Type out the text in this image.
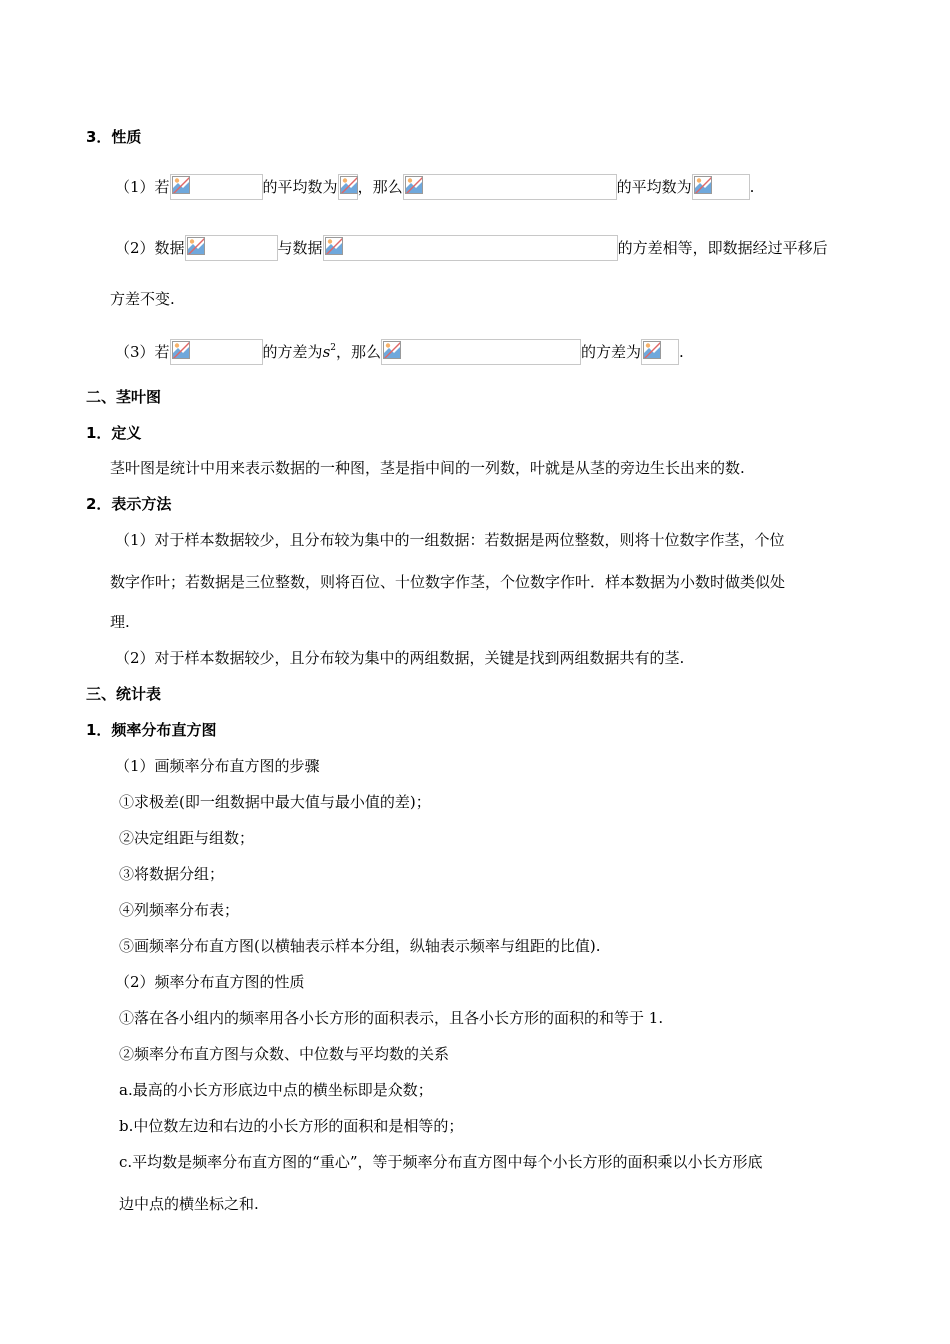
3．性质
（1）若	的平均数为 ，那么	的平均数为	.
（2）数据	与数据	的方差相等，即数据经过平移后
方差不变.
（3）若	的方差为$s^2$，那么	的方差为	.
二、茎叶图
1．定义
茎叶图是统计中用来表示数据的一种图，茎是指中间的一列数，叶就是从茎的旁边生长出来的数.
2．表示方法
（1）对于样本数据较少，且分布较为集中的一组数据：若数据是两位整数，则将十位数字作茎，个位
数字作叶；若数据是三位整数，则将百位、十位数字作茎，个位数字作叶．样本数据为小数时做类似处
理.
（2）对于样本数据较少，且分布较为集中的两组数据，关键是找到两组数据共有的茎.
三、统计表
1．频率分布直方图
（1）画频率分布直方图的步骤
①求极差(即一组数据中最大值与最小值的差)；
②决定组距与组数；
③将数据分组；
④列频率分布表；
⑤画频率分布直方图(以横轴表示样本分组，纵轴表示频率与组距的比值).
（2）频率分布直方图的性质
①落在各小组内的频率用各小长方形的面积表示，且各小长方形的面积的和等于 1.
②频率分布直方图与众数、中位数与平均数的关系
a.最高的小长方形底边中点的横坐标即是众数；
b.中位数左边和右边的小长方形的面积和是相等的；
c.平均数是频率分布直方图的“重心”，等于频率分布直方图中每个小长方形的面积乘以小长方形底
边中点的横坐标之和.
